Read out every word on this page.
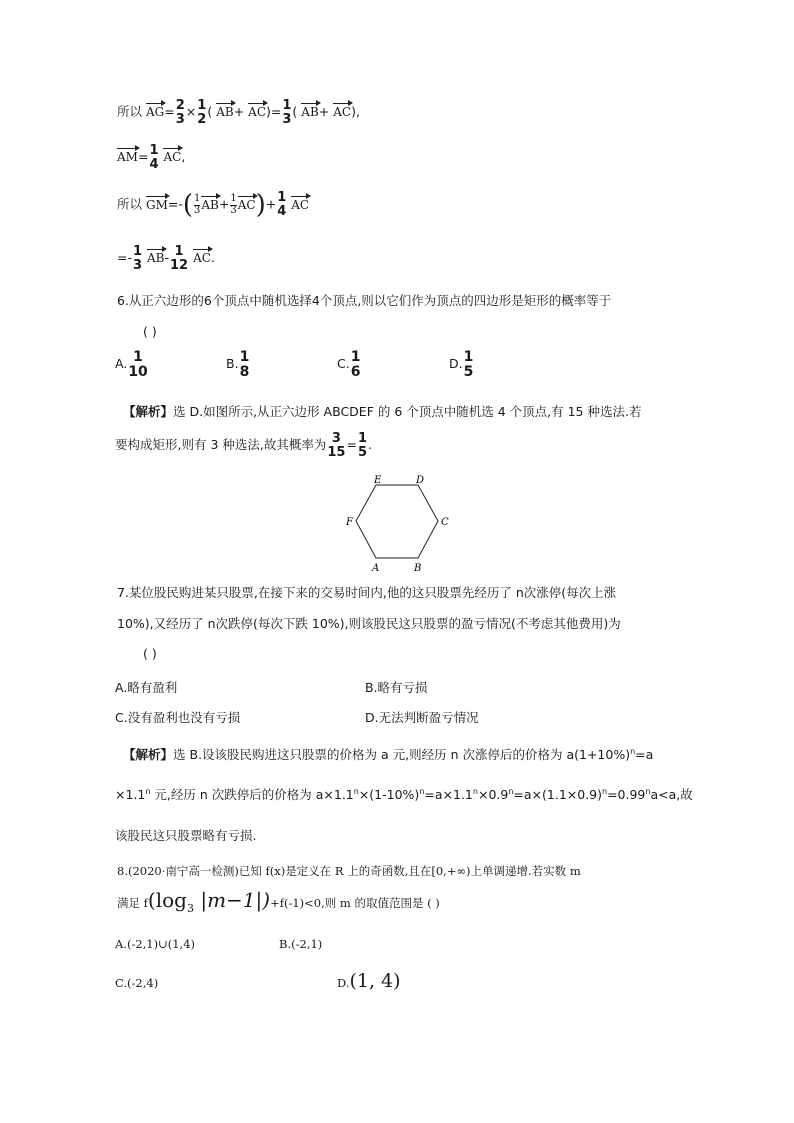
所以 AG= 2
3 × 1
2 ( AB+ AC)= 1
3 ( AB+ AC),
AM= 1
4 AC,
所以 $GM=-( \frac{1}{3} AB+ \frac{1}{3} AC)+ 1$
4 AC
=- 1
3 AB- 1
12 AC.
6.从正六边形的6个顶点中随机选择4个顶点,则以它们作为顶点的四边形是矩形的概率等于
( )
A. 1
10	B. 1
8	C. 1
6	D. 1
5
【解析】选 D.如图所示,从正六边形 ABCDEF 的 6 个顶点中随机选 4 个顶点,有 15 种选法.若
要构成矩形,则有 3 种选法,故其概率为 3
15 = 1
5 .
A	B
C
D
E
F
7.某位股民购进某只股票,在接下来的交易时间内,他的这只股票先经历了 n次涨停(每次上涨
10%),又经历了 n次跌停(每次下跌 10%),则该股民这只股票的盈亏情况(不考虑其他费用)为
( )
A.略有盈利	B.略有亏损
C.没有盈利也没有亏损	D.无法判断盈亏情况
【解析】选 B.设该股民购进这只股票的价格为 a 元,则经历 n 次涨停后的价格为 $a(1+10\%)^n=a$
$\times 1.1^n$ 元,经历 n 次跌停后的价格为 $a\times 1.1^n\times(1-10\%)^n=a\times 1.1^n\times 0.9^n=a\times(1.1\times 0.9)^n=0.99^na<a$,故
该股民这只股票略有亏损.
8.(2020·南宁高一检测)已知 f(x)是定义在 R 上的奇函数,且在[0,+∞)上单调递增.若实数 m
满足 $f(\log_3$ |m−1|)+f(-1)<0,则 m 的取值范围是 ( )
A.(-2,1)∪(1,4)	B.(-2,1)
C.(-2,4)	D.(1, 4)
